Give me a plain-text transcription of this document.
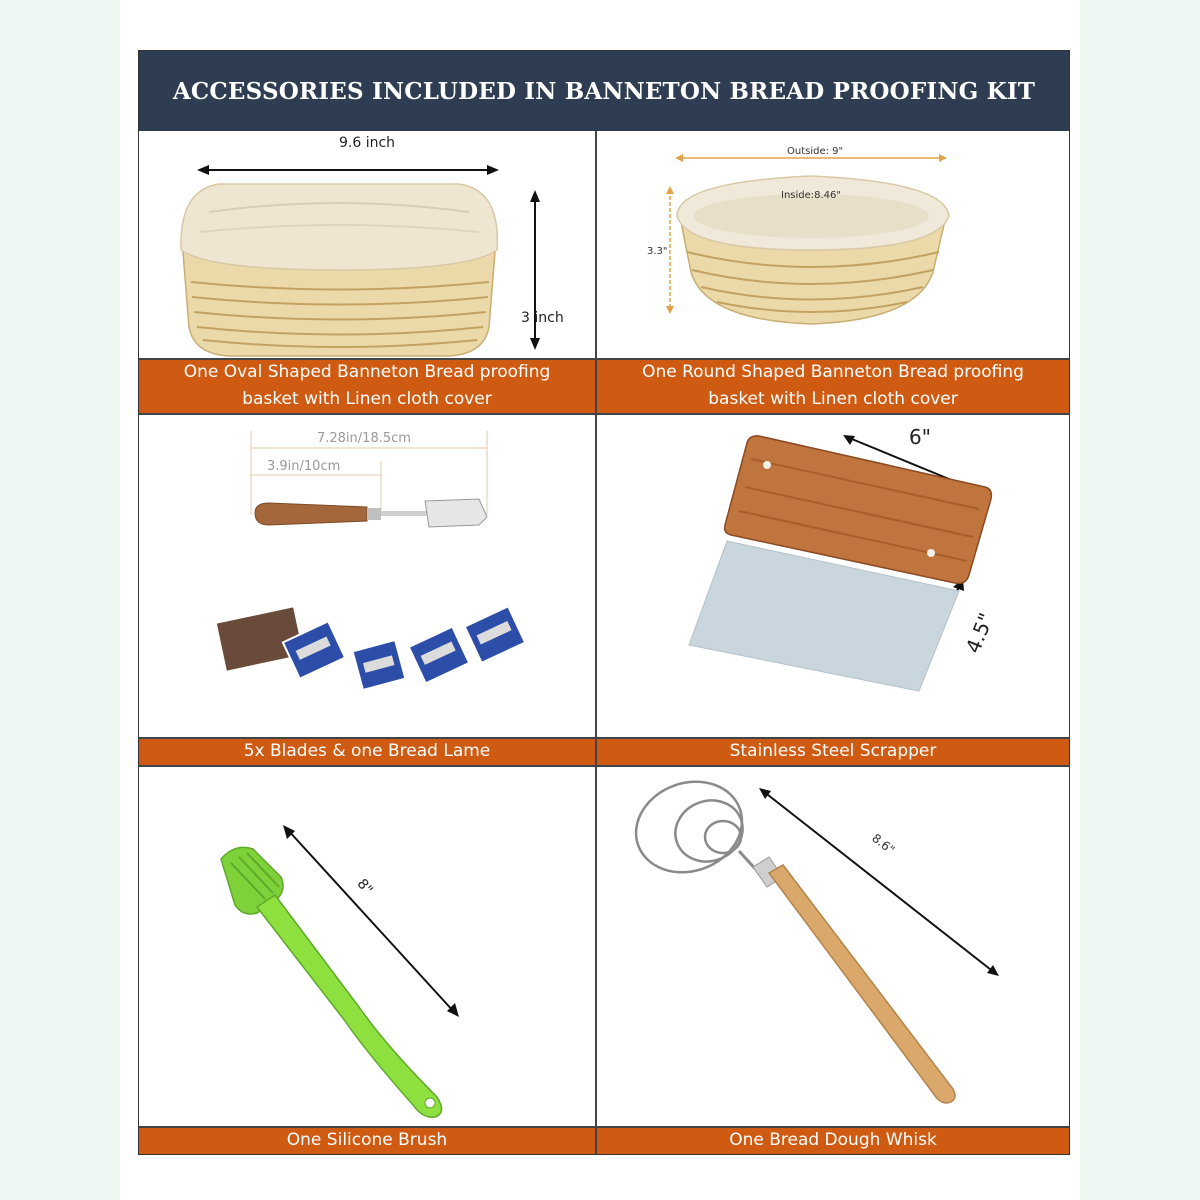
ACCESSORIES INCLUDED IN BANNETON BREAD PROOFING KIT
9.6 inch
3 inch
Outside: 9"
Inside:8.46"
3.3"
One Oval Shaped Banneton Bread proofing
basket with Linen cloth cover
One Round Shaped Banneton Bread proofing
basket with Linen cloth cover
7.28in/18.5cm
3.9in/10cm
6"
4.5"
5x Blades & one Bread Lame	Stainless Steel Scrapper
8"
8.6"
One Silicone Brush	One Bread Dough Whisk
